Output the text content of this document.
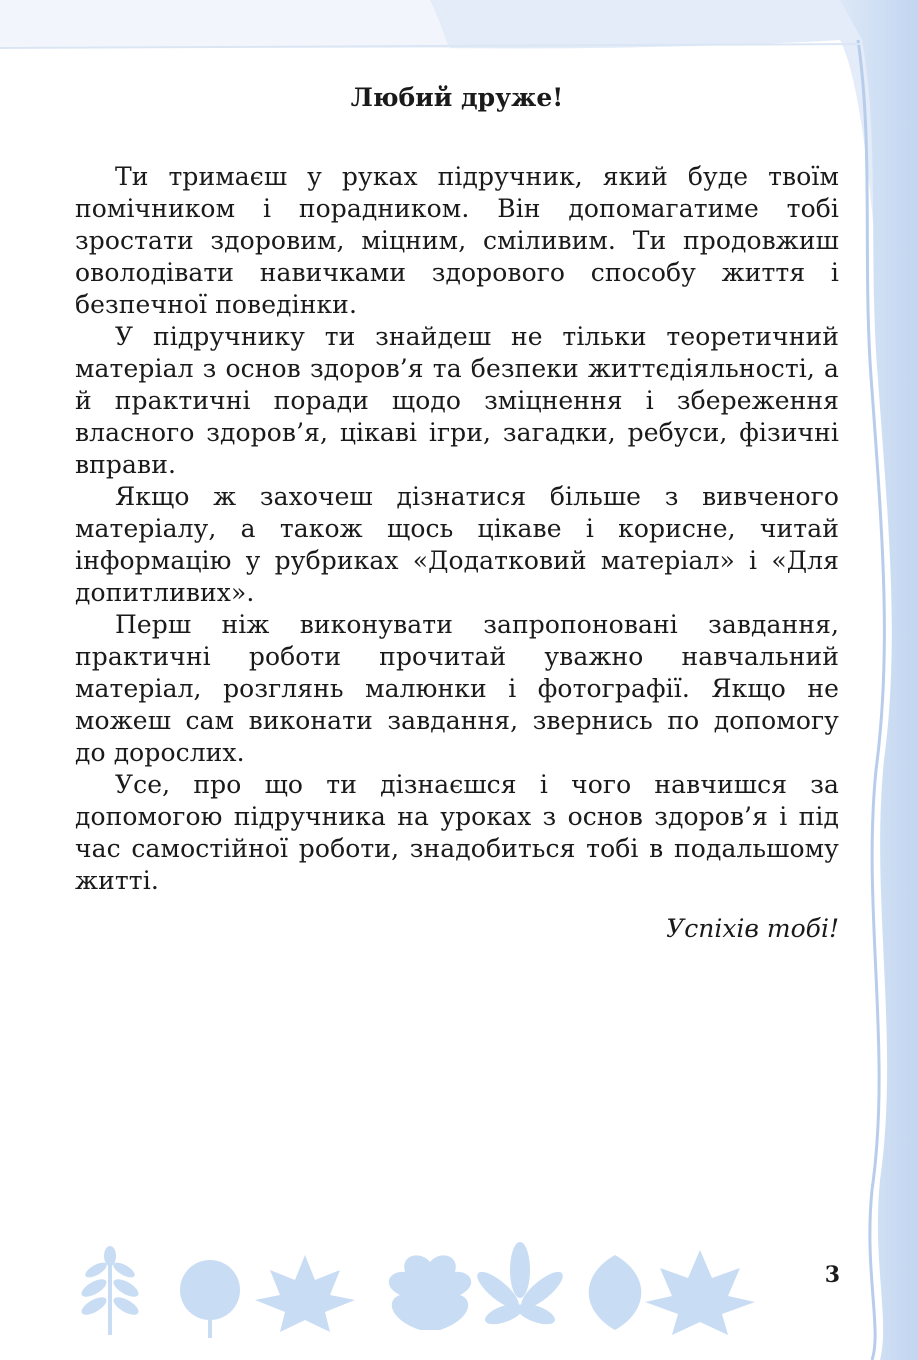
Любий друже!

Ти тримаєш у руках підручник, який буде твоїм помічником і порадником. Він допомагатиме тобі зростати здоровим, міцним, сміливим. Ти продовжиш оволодівати навичками здорового способу життя і безпечної поведінки.

У підручнику ти знайдеш не тільки теоретичний матеріал з основ здоров’я та безпеки життєдіяльності, а й практичні поради щодо зміцнення і збереження власного здоров’я, цікаві ігри, загадки, ребуси, фізичні вправи.

Якщо ж захочеш дізнатися більше з вивченого матеріалу, а також щось цікаве і корисне, читай інформацію у рубриках «Додатковий матеріал» і «Для допитливих».

Перш ніж виконувати запропоновані завдання, практичні роботи прочитай уважно навчальний матеріал, розглянь малюнки і фотографії. Якщо не можеш сам виконати завдання, звернись по допомогу до дорослих.

Усе, про що ти дізнаєшся і чого навчишся за допомогою підручника на уроках з основ здоров’я і під час самостійної роботи, знадобиться тобі в подальшому житті.

Успіхів тобі!

3
